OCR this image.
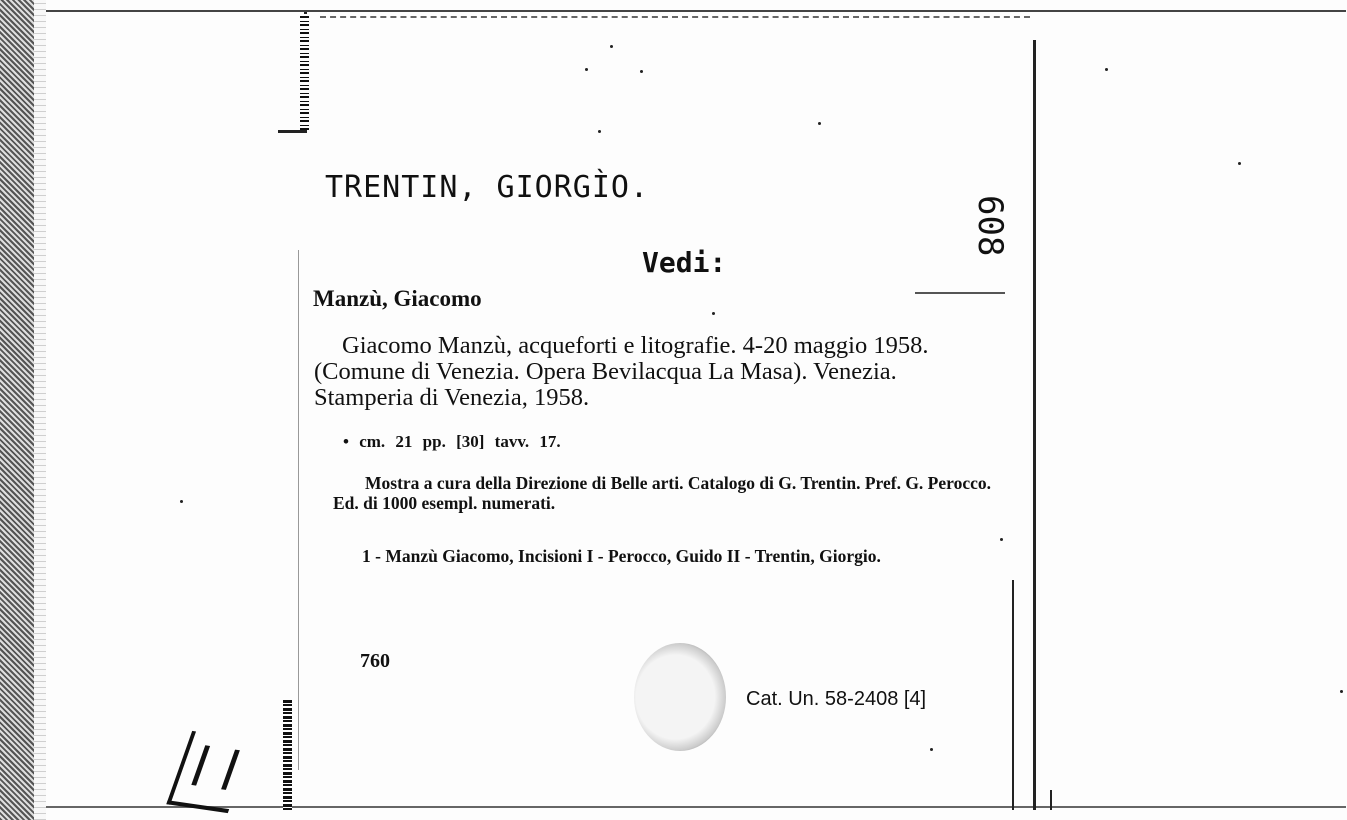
TRENTIN, GIORGÌO.
Vedi:
608
Manzù, Giacomo
Giacomo Manzù, acqueforti e litografie. 4-20 maggio 1958. (Comune di Venezia. Opera Bevilacqua La Masa). Venezia. Stamperia di Venezia, 1958.
• cm. 21 pp. [30] tavv. 17.
Mostra a cura della Direzione di Belle arti. Catalogo di G. Trentin. Pref. G. Perocco. Ed. di 1000 esempl. numerati.
1 - Manzù Giacomo, Incisioni I - Perocco, Guido II - Trentin, Giorgio.
760
Cat. Un. 58-2408 [4]
